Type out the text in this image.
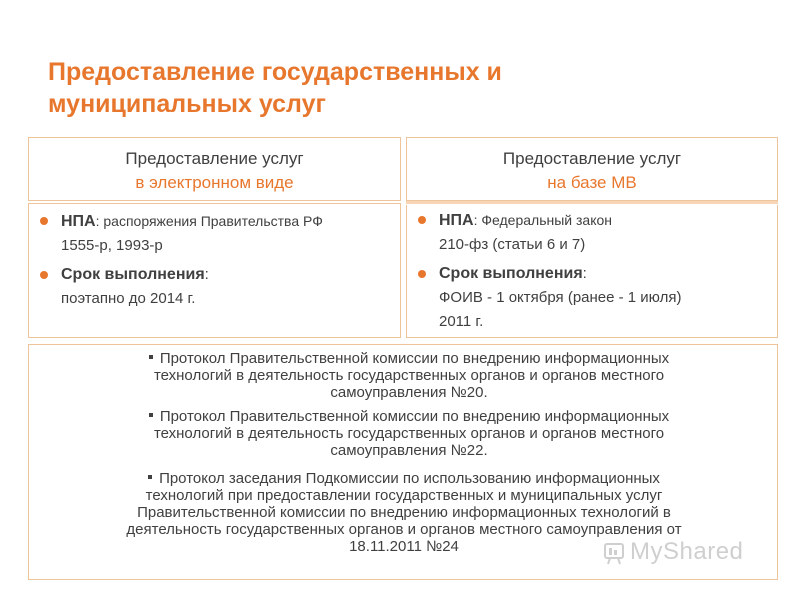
Предоставление государственных и
муниципальных услуг
Предоставление услуг
в электронном виде
Предоставление услуг
на базе МВ
НПА: распоряжения Правительства РФ
1555-р, 1993-р
Срок выполнения:
поэтапно до 2014 г.
НПА: Федеральный закон
210-фз (статьи 6 и 7)
Срок выполнения:
ФОИВ - 1 октября (ранее - 1 июля)
2011 г.
Протокол Правительственной комиссии по внедрению информационных
технологий в деятельность государственных органов и органов местного
самоуправления №20.
Протокол Правительственной комиссии по внедрению информационных
технологий в деятельность государственных органов и органов местного
самоуправления №22.
Протокол заседания Подкомиссии по использованию информационных
технологий при предоставлении государственных и муниципальных услуг
Правительственной комиссии по внедрению информационных технологий в
деятельность государственных органов и органов местного самоуправления от
18.11.2011 №24	MyShared
